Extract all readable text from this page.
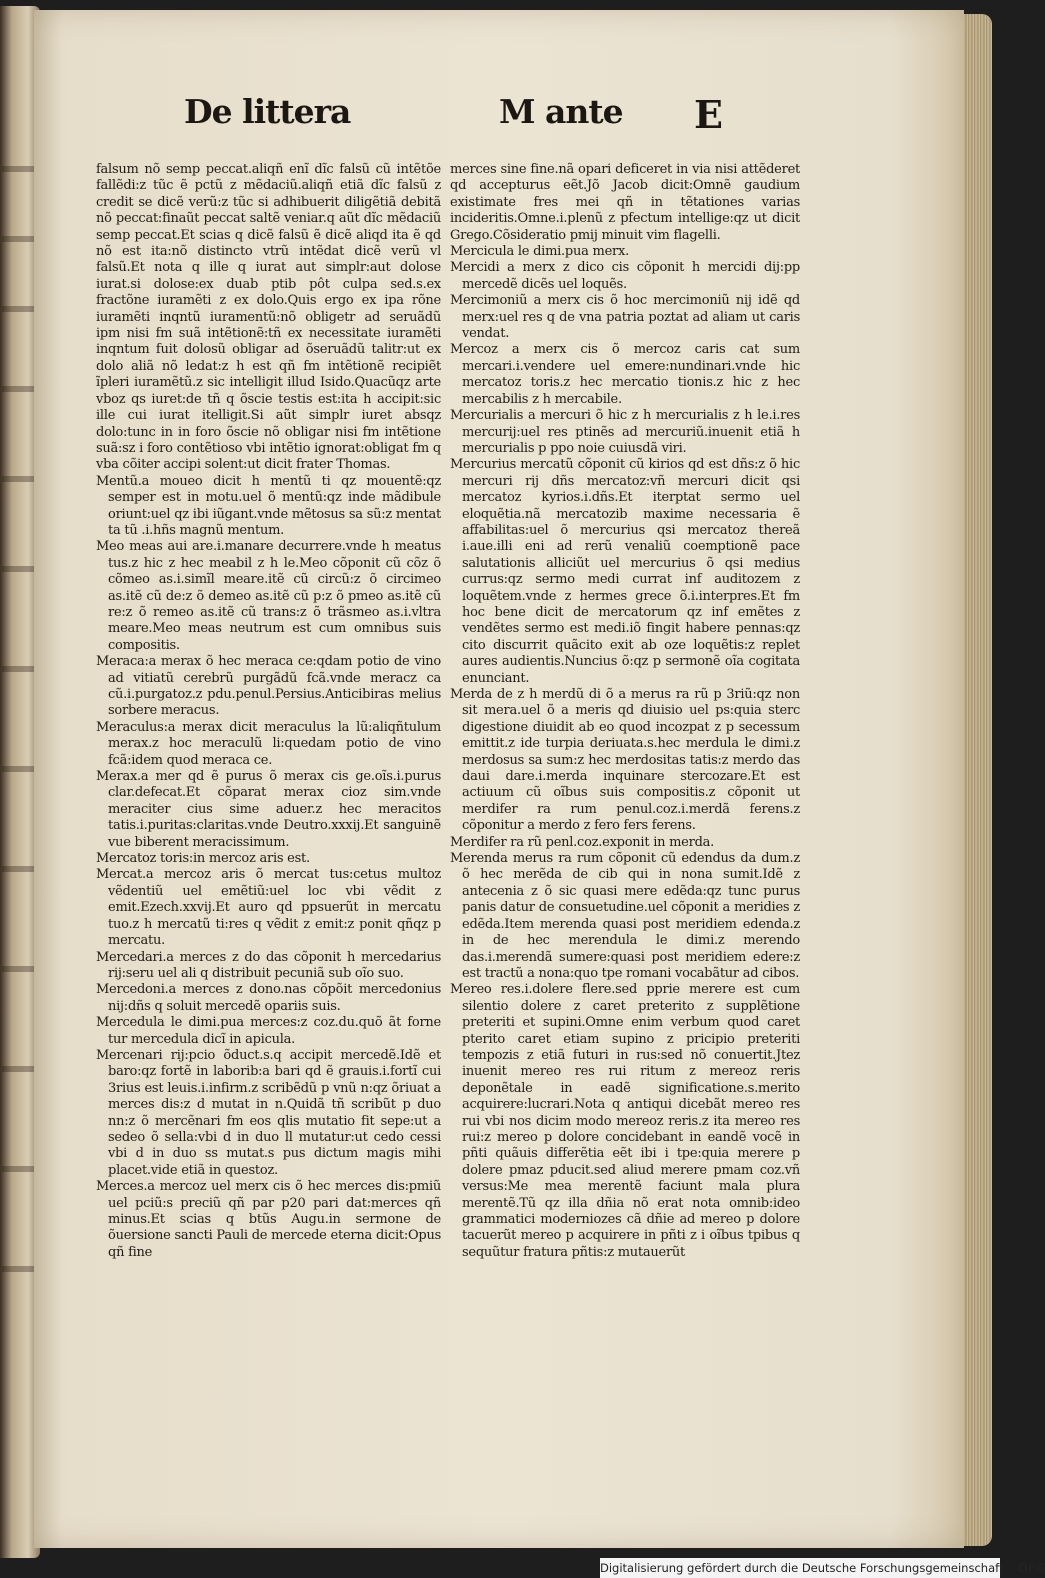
De littera	M ante E

falsum nõ semp peccat.aliqñ enĩ dĩc falsũ cũ intẽtõe fallẽdi:z tũc ẽ pctũ z mẽdaciũ.aliqñ etiã dĩc falsũ z credit se dicẽ verũ:z tũc si adhibuerit diligẽtiã debitã nõ peccat:finaũt peccat saltẽ veniar.q aũt dĩc mẽdaciũ semp peccat.Et scias q dicẽ falsũ ẽ dicẽ aliqd ita ẽ qd nõ est ita:nõ distincto vtrũ intẽdat dicẽ verũ vl falsũ.Et nota q ille q iurat aut simplr:aut dolose iurat.si dolose:ex duab ptib pôt culpa sed.s.ex fractõne iuramẽti z ex dolo.Quis ergo ex ipa rõne iuramẽti inqntũ iuramentũ:nõ obligetr ad seruãdũ ipm nisi fm suã intẽtionẽ:tñ ex necessitate iuramẽti inqntum fuit dolosũ obligar ad õseruãdũ talitr:ut ex dolo aliã nõ ledat:z h est qñ fm intẽtionẽ recipiẽt ĩpleri iuramẽtũ.z sic intelligit illud Isido.Quacũqz arte vboz qs iuret:de tñ q õscie testis est:ita h accipit:sic ille cui iurat itelligit.Si aũt simplr iuret absqz dolo:tunc in in foro õscie nõ obligar nisi fm intẽtione suã:sz i foro contẽtioso vbi intẽtio ignorat:obligat fm q vba cõiter accipi solent:ut dicit frater Thomas.

Mentũ.a moueo dicit h mentũ ti qz mouentẽ:qz semper est in motu.uel õ mentũ:qz inde mãdibule oriunt:uel qz ibi iũgant.vnde mẽtosus sa sũ:z mentat ta tũ .i.hñs magnũ mentum.

Meo meas aui are.i.manare decurrere.vnde h meatus tus.z hic z hec meabil z h le.Meo cõponit cũ cõz õ cõmeo as.i.simĩl meare.itẽ cũ circũ:z õ circimeo as.itẽ cũ de:z õ demeo as.itẽ cũ p:z õ pmeo as.itẽ cũ re:z õ remeo as.itẽ cũ trans:z õ trãsmeo as.i.vltra meare.Meo meas neutrum est cum omnibus suis compositis.

Meraca:a merax õ hec meraca ce:qdam potio de vino ad vitiatũ cerebrũ purgãdũ fcã.vnde meracz ca cũ.i.purgatoz.z pdu.penul.Persius.Anticibiras melius sorbere meracus.

Meraculus:a merax dicit meraculus la lũ:aliqñtulum merax.z hoc meraculũ li:quedam potio de vino fcã:idem quod meraca ce.

Merax.a mer qd ẽ purus õ merax cis ge.oĩs.i.purus clar.defecat.Et cõparat merax cioz sim.vnde meraciter cius sime aduer.z hec meracitos tatis.i.puritas:claritas.vnde Deutro.xxxij.Et sanguinẽ vue biberent meracissimum.

Mercatoz toris:in mercoz aris est.

Mercat.a mercoz aris õ mercat tus:cetus multoz vẽdentiũ uel emẽtiũ:uel loc vbi vẽdit z emit.Ezech.xxvij.Et auro qd ppsuerũt in mercatu tuo.z h mercatũ ti:res q vẽdit z emit:z ponit qñqz p mercatu.

Mercedari.a merces z do das cõponit h mercedarius rij:seru uel ali q distribuit pecuniã sub oĩo suo.

Mercedoni.a merces z dono.nas cõpõit mercedonius nij:dñs q soluit mercedẽ opariis suis.

Mercedula le dimi.pua merces:z coz.du.quõ ãt forne tur mercedula dicĩ in apicula.

Mercenari rij:pcio õduct.s.q accipit mercedẽ.Idẽ et baro:qz fortẽ in laborib:a bari qd ẽ grauis.i.fortĩ cui 3rius est leuis.i.infirm.z scribẽdũ p vnũ n:qz õriuat a merces dis:z d mutat in n.Quidã tñ scribũt p duo nn:z õ mercẽnari fm eos qlis mutatio fit sepe:ut a sedeo õ sella:vbi d in duo ll mutatur:ut cedo cessi vbi d in duo ss mutat.s pus dictum magis mihi placet.vide etiã in questoz.

Merces.a mercoz uel merx cis õ hec merces dis:pmiũ uel pciũ:s preciũ qñ par p20 pari dat:merces qñ minus.Et scias q btũs Augu.in sermone de õuersione sancti Pauli de mercede eterna dicit:Opus qñ fine

merces sine fine.nã opari deficeret in via nisi attẽderet qd accepturus eẽt.Jõ Jacob dicit:Omnẽ gaudium existimate fres mei qñ in tẽtationes varias incideritis.Omne.i.plenũ z pfectum intellige:qz ut dicit Grego.Cõsideratio pmij minuit vim flagelli.

Mercicula le dimi.pua merx.

Mercidi a merx z dico cis cõponit h mercidi dij:pp mercedẽ dicẽs uel loquẽs.

Mercimoniũ a merx cis õ hoc mercimoniũ nij idẽ qd merx:uel res q de vna patria poztat ad aliam ut caris vendat.

Mercoz a merx cis õ mercoz caris cat sum mercari.i.vendere uel emere:nundinari.vnde hic mercatoz toris.z hec mercatio tionis.z hic z hec mercabilis z h mercabile.

Mercurialis a mercuri õ hic z h mercurialis z h le.i.res mercurij:uel res ptinẽs ad mercuriũ.inuenit etiã h mercurialis p ppo noie cuiusdã viri.

Mercurius mercatũ cõponit cũ kirios qd est dñs:z õ hic mercuri rij dñs mercatoz:vñ mercuri dicit qsi mercatoz kyrios.i.dñs.Et iterptat sermo uel eloquẽtia.nã mercatozib maxime necessaria ẽ affabilitas:uel õ mercurius qsi mercatoz thereã i.aue.illi eni ad rerũ venaliũ coemptionẽ pace salutationis alliciũt uel mercurius õ qsi medius currus:qz sermo medi currat inf auditozem z loquẽtem.vnde z hermes grece õ.i.interpres.Et fm hoc bene dicit de mercatorum qz inf emẽtes z vendẽtes sermo est medi.iõ fingit habere pennas:qz cito discurrit quãcito exit ab oze loquẽtis:z replet aures audientis.Nuncius õ:qz p sermonẽ oĩa cogitata enunciant.

Merda de z h merdũ di õ a merus ra rũ p 3riũ:qz non sit mera.uel õ a meris qd diuisio uel ps:quia sterc digestione diuidit ab eo quod incozpat z p secessum emittit.z ide turpia deriuata.s.hec merdula le dimi.z merdosus sa sum:z hec merdositas tatis:z merdo das daui dare.i.merda inquinare stercozare.Et est actiuum cũ oĩbus suis compositis.z cõponit ut merdifer ra rum penul.coz.i.merdã ferens.z cõponitur a merdo z fero fers ferens.

Merdifer ra rũ penl.coz.exponit in merda.

Merenda merus ra rum cõponit cũ edendus da dum.z õ hec merẽda de cib qui in nona sumit.Idẽ z antecenia z õ sic quasi mere edẽda:qz tunc purus panis datur de consuetudine.uel cõponit a meridies z edẽda.Item merenda quasi post meridiem edenda.z in de hec merendula le dimi.z merendo das.i.merendã sumere:quasi post meridiem edere:z est tractũ a nona:quo tpe romani vocabãtur ad cibos.

Mereo res.i.dolere flere.sed pprie merere est cum silentio dolere z caret preterito z supplẽtione preteriti et supini.Omne enim verbum quod caret pterito caret etiam supino z pricipio preteriti tempozis z etiã futuri in rus:sed nõ conuertit.Jtez inuenit mereo res rui ritum z mereoz reris deponẽtale in eadẽ significatione.s.merito acquirere:lucrari.Nota q antiqui dicebãt mereo res rui vbi nos dicim modo mereoz reris.z ita mereo res rui:z mereo p dolore concidebant in eandẽ vocẽ in pñti quãuis differẽtia eẽt ibi i tpe:quia merere p dolere pmaz pducit.sed aliud merere pmam coz.vñ versus:Me mea merentẽ faciunt mala plura merentẽ.Tũ qz illa dñia nõ erat nota omnib:ideo grammatici moderniozes cã dñie ad mereo p dolore tacuerũt mereo p acquirere in pñti z i oĩbus tpibus q sequũtur fratura pñtis:z mutauerũt

Digitalisierung gefördert durch die Deutsche Forschungsgemeinschaft · DFG
